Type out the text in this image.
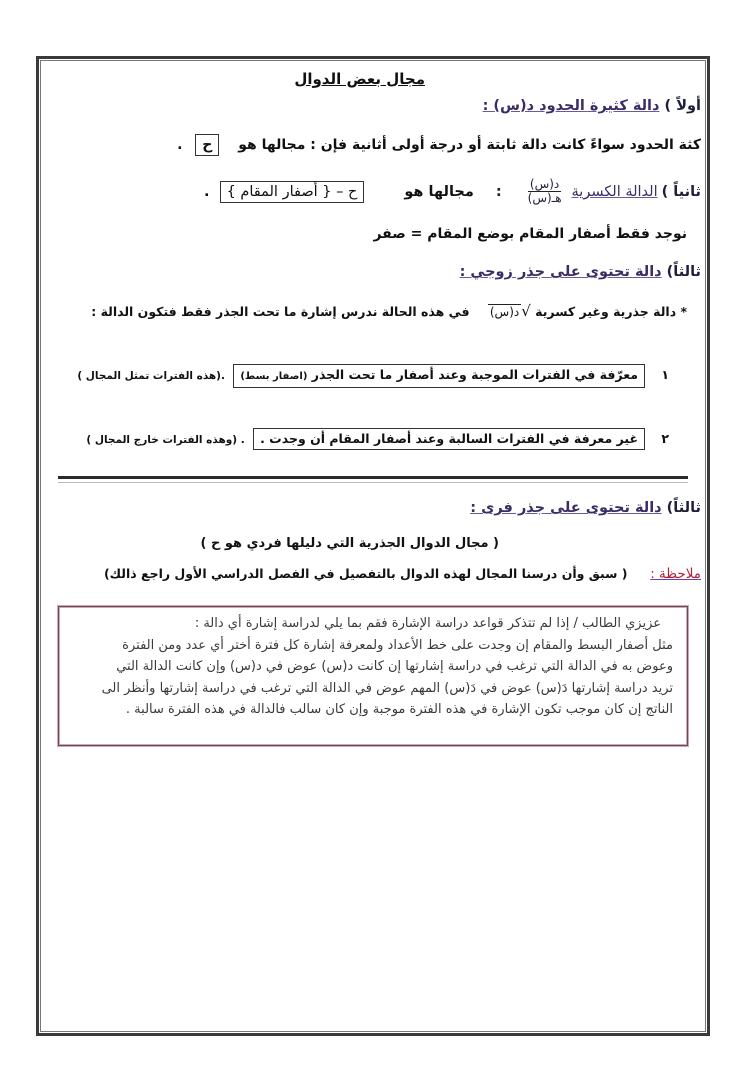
مجال بعض الدوال
أولاً ) دالة كثيرة الحدود د(س) :
كثة الحدود سواءً كانت دالة ثابتة أو درجة أولى أثانية فإن : مجالها هو ح .
ثانياً )
الدالة الكسرية
$\frac{\text{د(س)}}{\text{هـ(س)}}$
:
مجالها هو
ح – { أصفار المقام }
.
نوجد فقط أصفار المقام بوضع المقام = صفر
ثالثاً) دالة تحتوى على جذر زوجي :
* دالة جذرية وغير كسرية √د(س) في هذه الحالة ندرس إشارة ما تحت الجذر فقط فتكون الدالة :
١ معرّفة في الفترات الموجبة وعند أصفار ما تحت الجذر (اصفار بسط) .(هذه الفترات تمثل المجال )
٢ غير معرفة في الفترات السالبة وعند أصفار المقام أن وجدت . . (وهذه الفترات خارج المجال )
ثالثاً) دالة تحتوى على جذر فرى :
( مجال الدوال الجذرية التي دليلها فردي هو ح )
ملاحظة : ( سبق وأن درسنا المجال لهذه الدوال بالتفصيل في الفصل الدراسي الأول راجع ذالك)
عزيزي الطالب / إذا لم تتذكر قواعد دراسة الإشارة فقم بما يلي لدراسة إشارة أي دالة :
مثل أصفار البسط والمقام إن وجدت على خط الأعداد ولمعرفة إشارة كل فترة أختر أي عدد ومن الفترة
وعوض به في الدالة التي ترغب في دراسة إشارتها إن كانت د(س) عوض في د(س) وإن كانت الدالة التي
تريد دراسة إشارتها دَ(س) عوض في دَ(س) المهم عوض في الدالة التي ترغب في دراسة إشارتها وأنظر الى
الناتج إن كان موجب تكون الإشارة في هذه الفترة موجبة وإن كان سالب فالدالة في هذه الفترة سالبة .
